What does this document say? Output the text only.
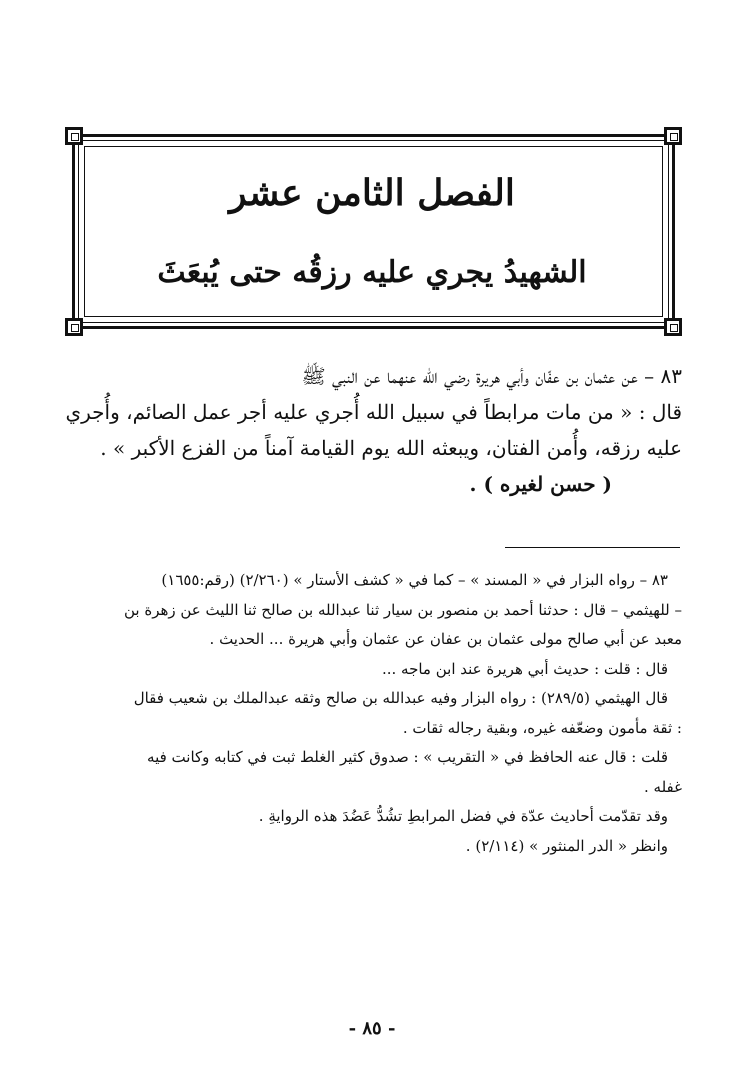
الفصل الثامن عشر
الشهيدُ يجري عليه رزقُه حتى يُبعَثَ

٨٣ – عن عثمان بن عفّان وأبي هريرة رضي الله عنهما عن النبي ﷺ

قال : « من مات مرابطاً في سبيل الله أُجري عليه أجر عمل الصائم، وأُجري

عليه رزقه، وأُمن الفتان، ويبعثه الله يوم القيامة آمناً من الفزع الأكبر » .

( حسن لغيره ) .

٨٣ – رواه البزار في « المسند » – كما في « كشف الأستار » (٢/٢٦٠) (رقم:١٦٥٥)

– للهيثمي – قال : حدثنا أحمد بن منصور بن سيار ثنا عبدالله بن صالح ثنا الليث عن زهرة بن

معبد عن أبي صالح مولى عثمان بن عفان عن عثمان وأبي هريرة ... الحديث .

قال : قلت : حديث أبي هريرة عند ابن ماجه ...

قال الهيثمي (٢٨٩/٥) : رواه البزار وفيه عبدالله بن صالح وثقه عبدالملك بن شعيب فقال

: ثقة مأمون وضعّفه غيره، وبقية رجاله ثقات .

قلت : قال عنه الحافظ في « التقريب » : صدوق كثير الغلط ثبت في كتابه وكانت فيه

غفله .

وقد تقدّمت أحاديث عدّة في فضل المرابطِ تشُدُّ عَضُدَ هذه الروايةِ .

وانظر « الدر المنثور » (٢/١١٤) .

- ٨٥ -
